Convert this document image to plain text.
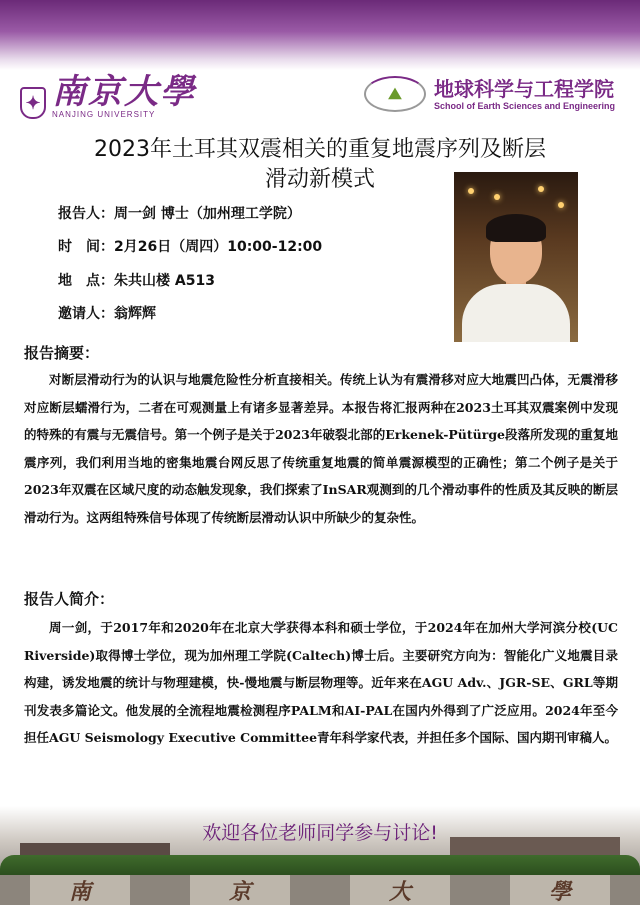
✦ 南京大學
NANJING UNIVERSITY
⛰	地球科学与工程学院
School of Earth Sciences and Engineering
2023年土耳其双震相关的重复地震序列及断层
滑动新模式
报告人：周一剑 博士（加州理工学院）
时　间：2月26日（周四）10:00-12:00
地　点：朱共山楼 A513
邀请人：翁辉辉
报告摘要：
对断层滑动行为的认识与地震危险性分析直接相关。传统上认为有震滑移对应大地震凹凸体，无震滑移对应断层蠕滑行为，二者在可观测量上有诸多显著差异。本报告将汇报两种在2023土耳其双震案例中发现的特殊的有震与无震信号。第一个例子是关于2023年破裂北部的Erkenek-Pütürge段落所发现的重复地震序列，我们利用当地的密集地震台网反思了传统重复地震的简单震源模型的正确性；第二个例子是关于2023年双震在区域尺度的动态触发现象，我们探索了InSAR观测到的几个滑动事件的性质及其反映的断层滑动行为。这两组特殊信号体现了传统断层滑动认识中所缺少的复杂性。
报告人简介：
周一剑，于2017年和2020年在北京大学获得本科和硕士学位，于2024年在加州大学河滨分校(UC Riverside)取得博士学位，现为加州理工学院(Caltech)博士后。主要研究方向为：智能化广义地震目录构建，诱发地震的统计与物理建模，快-慢地震与断层物理等。近年来在AGU Adv.、JGR-SE、GRL等期刊发表多篇论文。他发展的全流程地震检测程序PALM和AI-PAL在国内外得到了广泛应用。2024年至今担任AGU Seismology Executive Committee青年科学家代表，并担任多个国际、国内期刊审稿人。
南	京	大	學
欢迎各位老师同学参与讨论!
